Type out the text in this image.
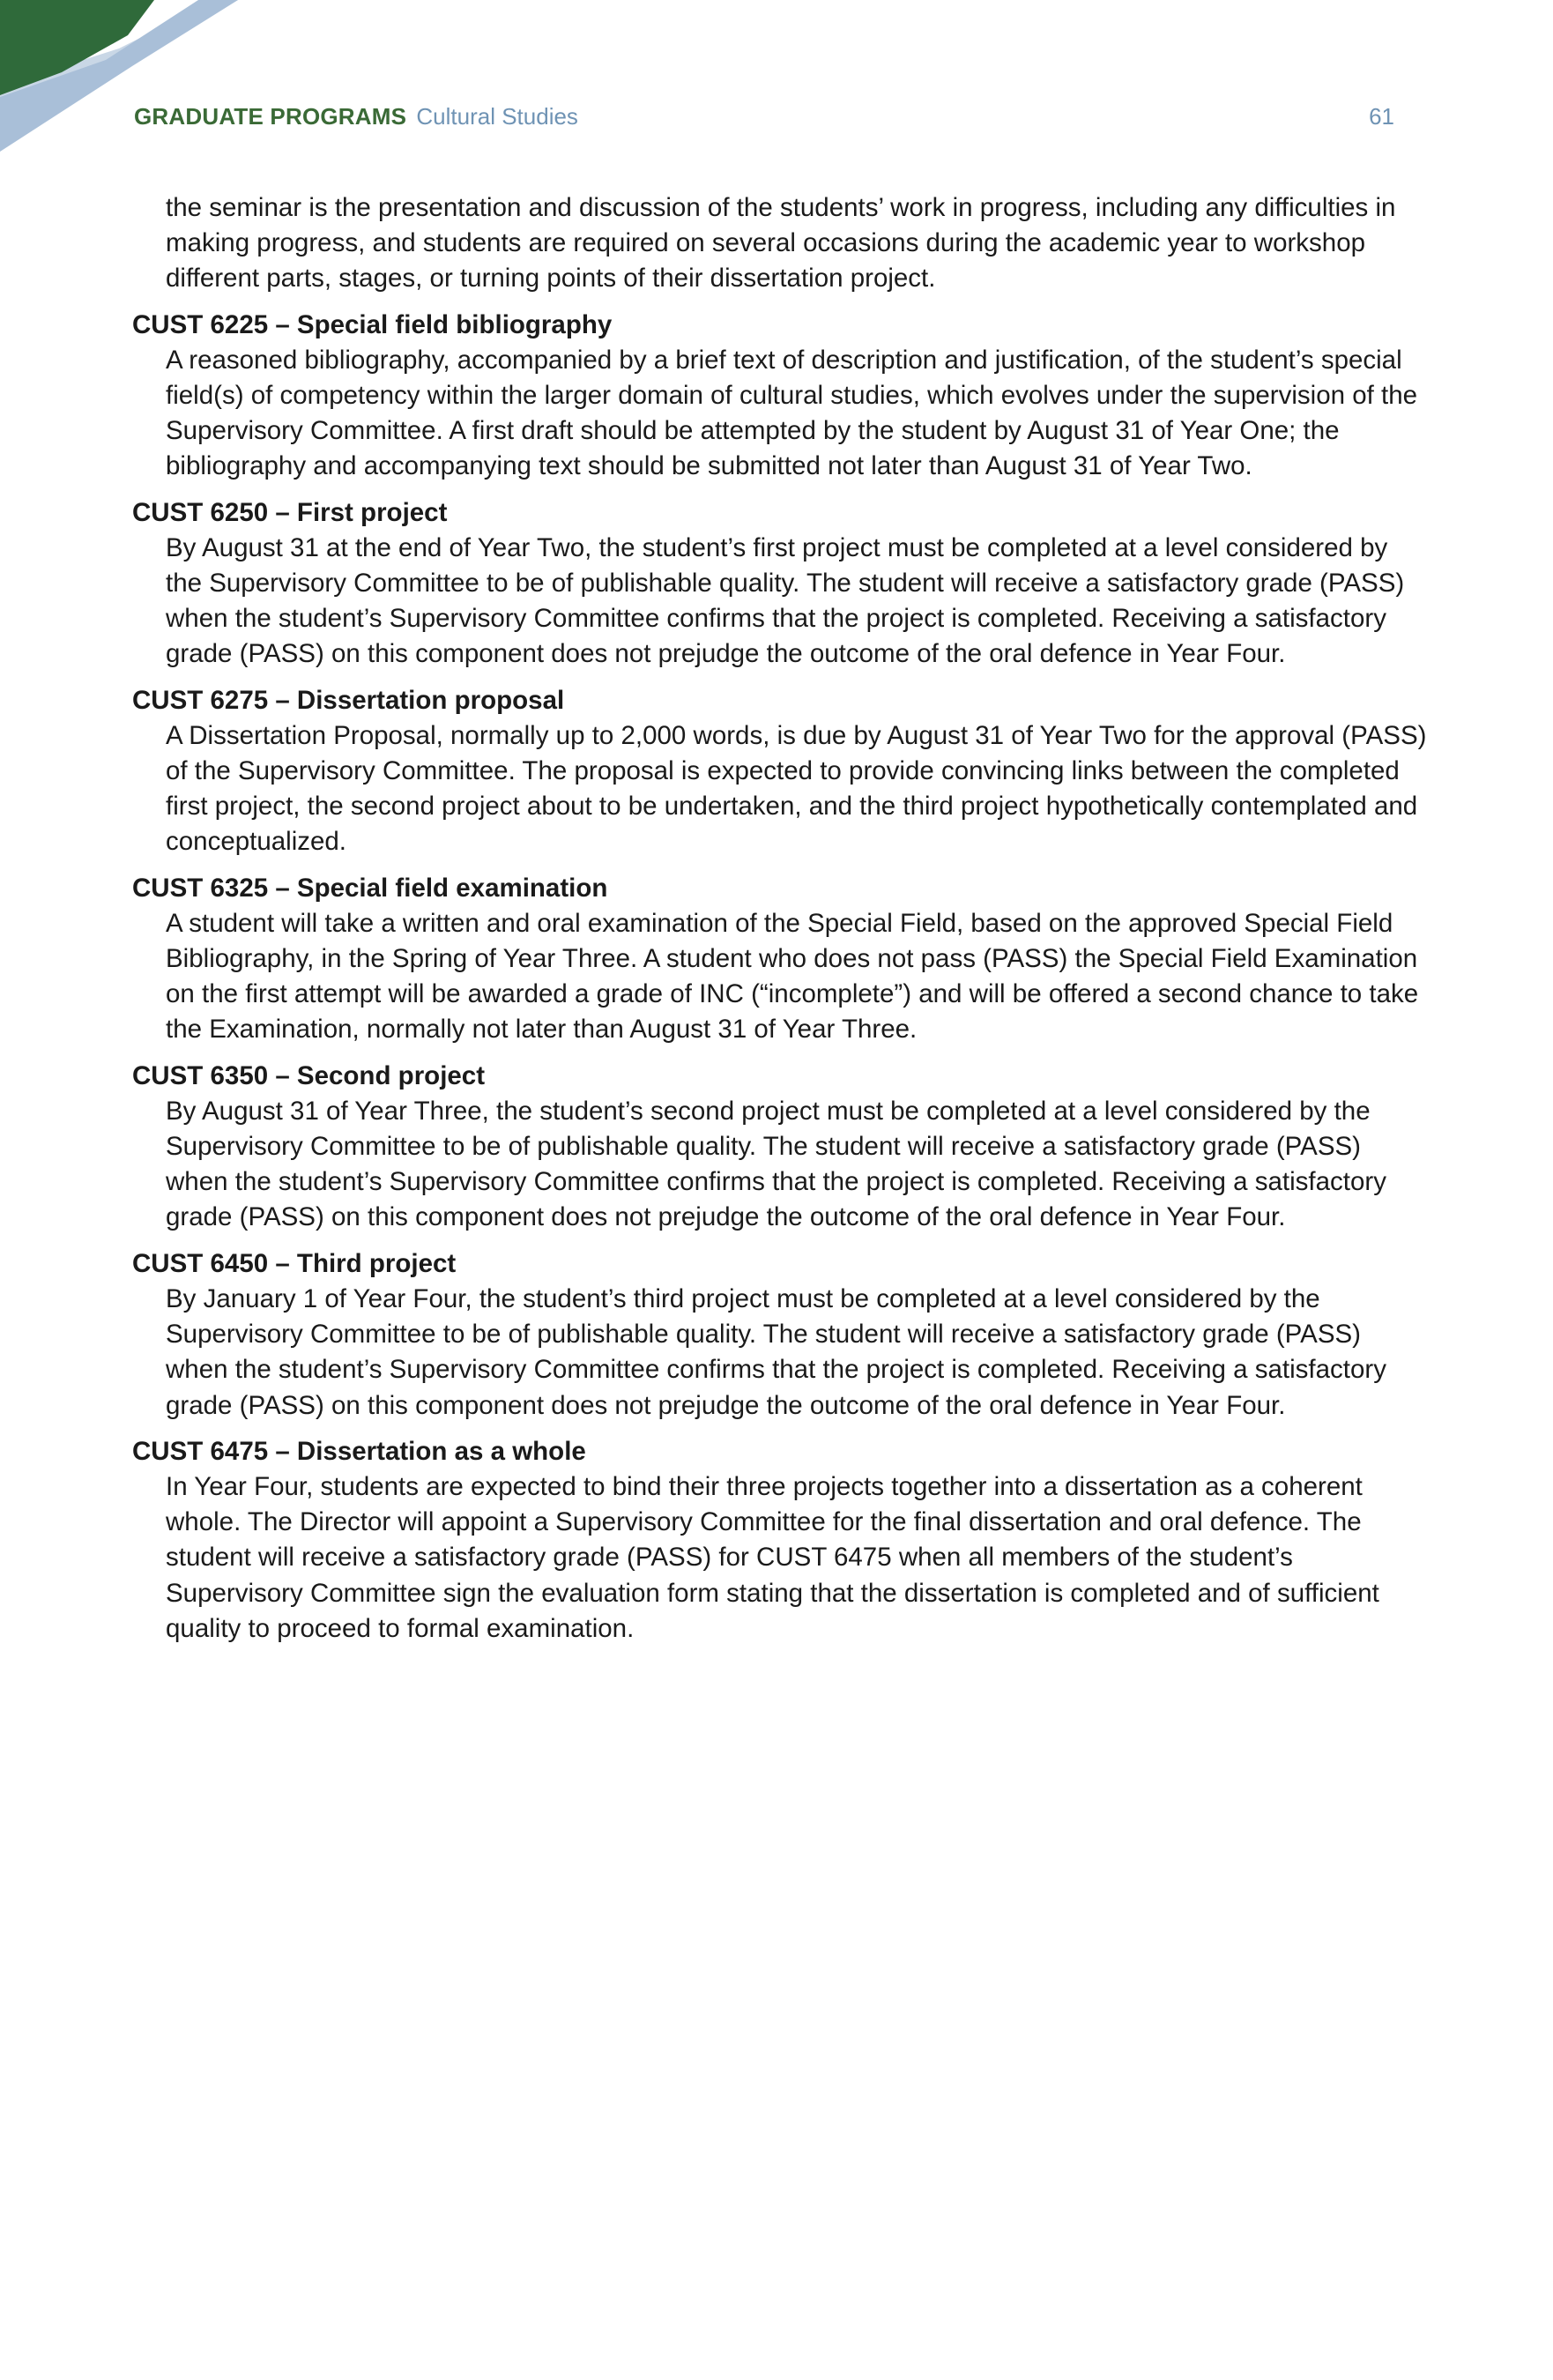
GRADUATE PROGRAMS Cultural Studies	61

the seminar is the presentation and discussion of the students’ work in progress, including any difficulties in making progress, and students are required on several occasions during the academic year to workshop different parts, stages, or turning points of their dissertation project.

CUST 6225 – Special field bibliography

A reasoned bibliography, accompanied by a brief text of description and justification, of the student’s special field(s) of competency within the larger domain of cultural studies, which evolves under the supervision of the Supervisory Committee. A first draft should be attempted by the student by August 31 of Year One; the bibliography and accompanying text should be submitted not later than August 31 of Year Two.

CUST 6250 – First project

By August 31 at the end of Year Two, the student’s first project must be completed at a level considered by the Supervisory Committee to be of publishable quality. The student will receive a satisfactory grade (PASS) when the student’s Supervisory Committee confirms that the project is completed. Receiving a satisfactory grade (PASS) on this component does not prejudge the outcome of the oral defence in Year Four.

CUST 6275 – Dissertation proposal

A Dissertation Proposal, normally up to 2,000 words, is due by August 31 of Year Two for the approval (PASS) of the Supervisory Committee. The proposal is expected to provide convincing links between the completed first project, the second project about to be undertaken, and the third project hypothetically contemplated and conceptualized.

CUST 6325 – Special field examination

A student will take a written and oral examination of the Special Field, based on the approved Special Field Bibliography, in the Spring of Year Three. A student who does not pass (PASS) the Special Field Examination on the first attempt will be awarded a grade of INC (“incomplete”) and will be offered a second chance to take the Examination, normally not later than August 31 of Year Three.

CUST 6350 – Second project

By August 31 of Year Three, the student’s second project must be completed at a level considered by the Supervisory Committee to be of publishable quality. The student will receive a satisfactory grade (PASS) when the student’s Supervisory Committee confirms that the project is completed. Receiving a satisfactory grade (PASS) on this component does not prejudge the outcome of the oral defence in Year Four.

CUST 6450 – Third project

By January 1 of Year Four, the student’s third project must be completed at a level considered by the Supervisory Committee to be of publishable quality. The student will receive a satisfactory grade (PASS) when the student’s Supervisory Committee confirms that the project is completed. Receiving a satisfactory grade (PASS) on this component does not prejudge the outcome of the oral defence in Year Four.

CUST 6475 – Dissertation as a whole

In Year Four, students are expected to bind their three projects together into a dissertation as a coherent whole. The Director will appoint a Supervisory Committee for the final dissertation and oral defence. The student will receive a satisfactory grade (PASS) for CUST 6475 when all members of the student’s Supervisory Committee sign the evaluation form stating that the dissertation is completed and of sufficient quality to proceed to formal examination.
